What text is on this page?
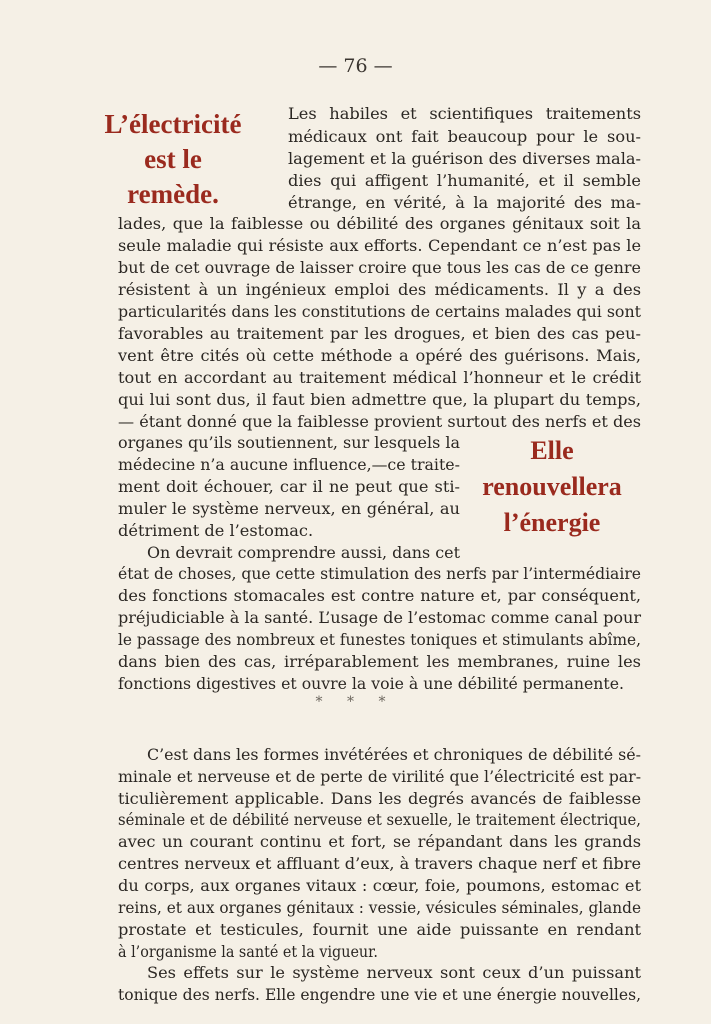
— 76 —
L’électricité
est le
remède.
Elle
renouvellera
l’énergie
Les habiles et scientifiques traitements
médicaux ont fait beaucoup pour le sou-
lagement et la guérison des diverses mala-
dies qui affigent l’humanité, et il semble
étrange, en vérité, à la majorité des ma-
lades, que la faiblesse ou débilité des organes génitaux soit la
seule maladie qui résiste aux efforts. Cependant ce n’est pas le
but de cet ouvrage de laisser croire que tous les cas de ce genre
résistent à un ingénieux emploi des médicaments. Il y a des
particularités dans les constitutions de certains malades qui sont
favorables au traitement par les drogues, et bien des cas peu-
vent être cités où cette méthode a opéré des guérisons. Mais,
tout en accordant au traitement médical l’honneur et le crédit
qui lui sont dus, il faut bien admettre que, la plupart du temps,
— étant donné que la faiblesse provient surtout des nerfs et des
organes qu’ils soutiennent, sur lesquels la
médecine n’a aucune influence,—ce traite-
ment doit échouer, car il ne peut que sti-
muler le système nerveux, en général, au
détriment de l’estomac.
On devrait comprendre aussi, dans cet
état de choses, que cette stimulation des nerfs par l’intermédiaire
des fonctions stomacales est contre nature et, par conséquent,
préjudiciable à la santé. L’usage de l’estomac comme canal pour
le passage des nombreux et funestes toniques et stimulants abîme,
dans bien des cas, irréparablement les membranes, ruine les
fonctions digestives et ouvre la voie à une débilité permanente.
C’est dans les formes invétérées et chroniques de débilité sé-
minale et nerveuse et de perte de virilité que l’électricité est par-
ticulièrement applicable. Dans les degrés avancés de faiblesse
séminale et de débilité nerveuse et sexuelle, le traitement électrique,
avec un courant continu et fort, se répandant dans les grands
centres nerveux et affluant d’eux, à travers chaque nerf et fibre
du corps, aux organes vitaux : cœur, foie, poumons, estomac et
reins, et aux organes génitaux : vessie, vésicules séminales, glande
prostate et testicules, fournit une aide puissante en rendant
à l’organisme la santé et la vigueur.
Ses effets sur le système nerveux sont ceux d’un puissant
tonique des nerfs. Elle engendre une vie et une énergie nouvelles,
* * *
